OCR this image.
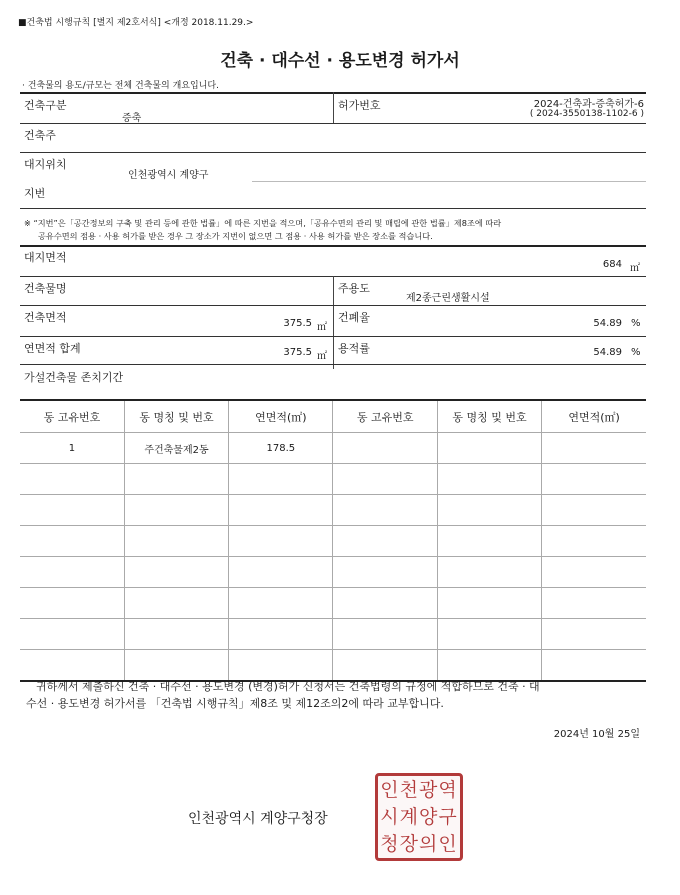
■건축법 시행규칙 [별지 제2호서식] <개정 2018.11.29.>
건축 · 대수선 · 용도변경 허가서
· 건축물의 용도/규모는 전체 건축물의 개요입니다.
건축구분
증축
허가번호	2024-건축과-증축허가-6
( 2024-3550138-1102-6 )
건축주
대지위치
인천광역시 계양구
지번
※ “지번”은「공간정보의 구축 및 관리 등에 관한 법률」에 따른 지번을 적으며,「공유수면의 관리 및 매립에 관한 법률」제8조에 따라
공유수면의 점용 · 사용 허가를 받은 경우 그 장소가 지번이 없으면 그 점용 · 사용 허가를 받은 장소를 적습니다.
대지면적
684 ㎡
건축물명	주용도
제2종근린생활시설
건축면적	375.5 ㎡
건폐율	54.89 %
연면적 합계	375.5 ㎡
용적률	54.89 %
가설건축물 존치기간
동 고유번호	동 명칭 및 번호	연면적(㎡)	동 고유번호	동 명칭 및 번호	연면적(㎡)
1	주건축물제2동	178.5			

귀하께서 제출하신 건축 · 대수선 · 용도변경 (변경)허가 신청서는 건축법령의 규정에 적합하므로 건축 · 대
수선 · 용도변경 허가서를 「건축법 시행규칙」제8조 및 제12조의2에 따라 교부합니다.
2024년 10월 25일
인천광역시 계양구청장
인천광역
시계양구
청장의인
